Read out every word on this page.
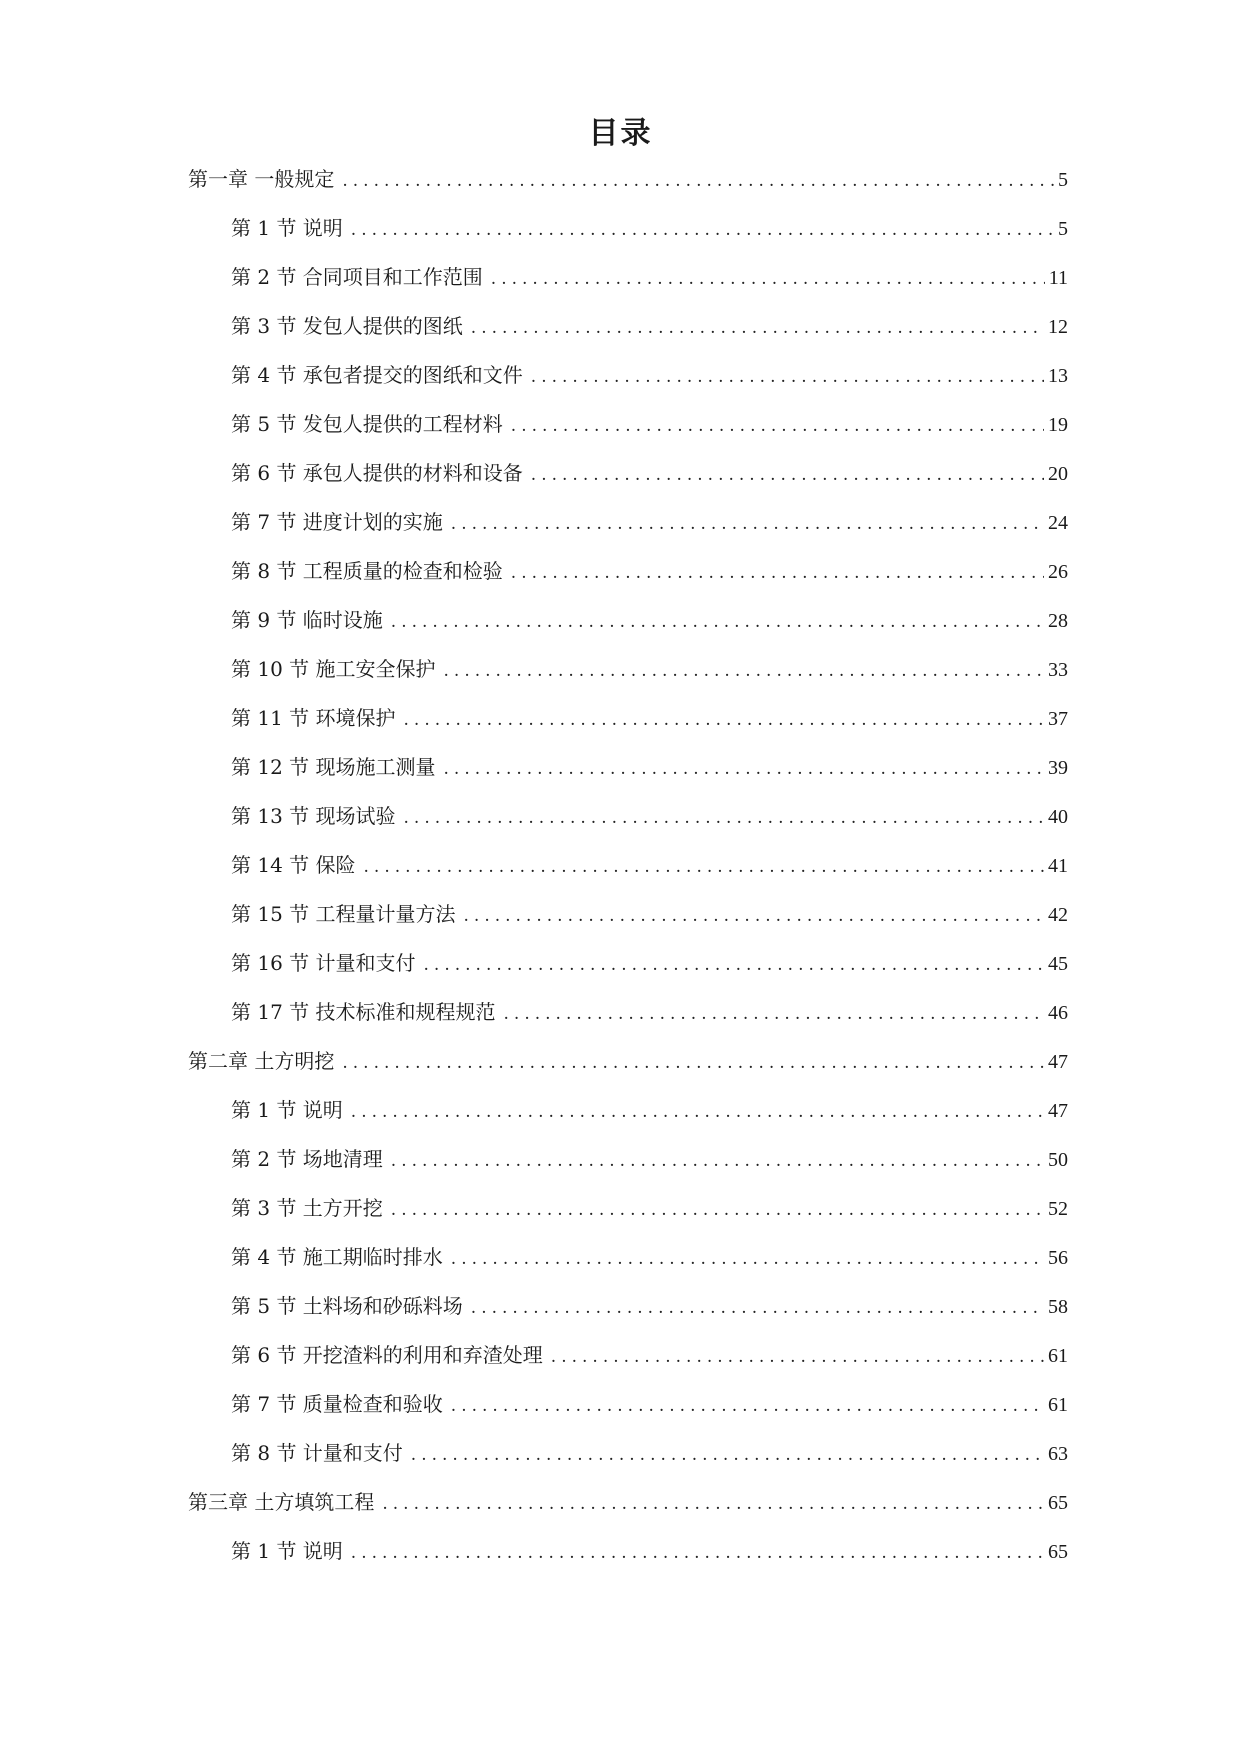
目录
第一章 一般规定 .....	5
第 1 节 说明 .....	5
第 2 节 合同项目和工作范围 .....	11
第 3 节 发包人提供的图纸 .....	12
第 4 节 承包者提交的图纸和文件 .....	13
第 5 节 发包人提供的工程材料 .....	19
第 6 节 承包人提供的材料和设备 .....	20
第 7 节 进度计划的实施 .....	24
第 8 节 工程质量的检查和检验 .....	26
第 9 节 临时设施 .....	28
第 10 节 施工安全保护 .....	33
第 11 节 环境保护 .....	37
第 12 节 现场施工测量 .....	39
第 13 节 现场试验 .....	40
第 14 节 保险 .....	41
第 15 节 工程量计量方法 .....	42
第 16 节 计量和支付 .....	45
第 17 节 技术标准和规程规范 .....	46
第二章 土方明挖 .....	47
第 1 节 说明 .....	47
第 2 节 场地清理 .....	50
第 3 节 土方开挖 .....	52
第 4 节 施工期临时排水 .....	56
第 5 节 土料场和砂砾料场 .....	58
第 6 节 开挖渣料的利用和弃渣处理 .....	61
第 7 节 质量检查和验收 .....	61
第 8 节 计量和支付 .....	63
第三章 土方填筑工程 .....	65
第 1 节 说明 .....	65
